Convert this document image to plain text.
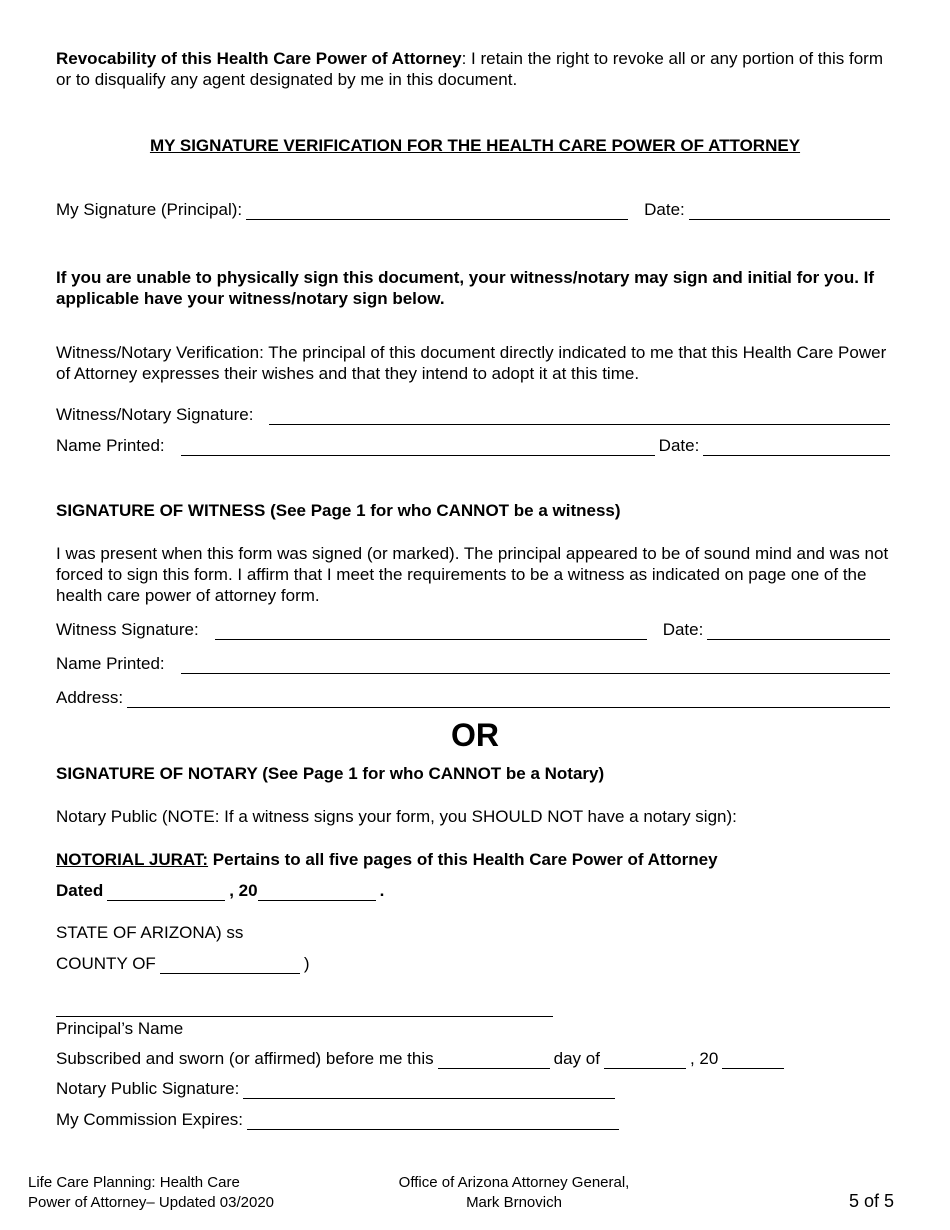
Revocability of this Health Care Power of Attorney: I retain the right to revoke all or any portion of this form or to disqualify any agent designated by me in this document.
MY SIGNATURE VERIFICATION FOR THE HEALTH CARE POWER OF ATTORNEY
My Signature (Principal):	Date:
If you are unable to physically sign this document, your witness/notary may sign and initial for you. If applicable have your witness/notary sign below.
Witness/Notary Verification: The principal of this document directly indicated to me that this Health Care Power of Attorney expresses their wishes and that they intend to adopt it at this time.
Witness/Notary Signature:
Name Printed:	Date:
SIGNATURE OF WITNESS (See Page 1 for who CANNOT be a witness)
I was present when this form was signed (or marked). The principal appeared to be of sound mind and was not forced to sign this form. I affirm that I meet the requirements to be a witness as indicated on page one of the health care power of attorney form.
Witness Signature:	Date:
Name Printed:
Address:
OR
SIGNATURE OF NOTARY (See Page 1 for who CANNOT be a Notary)
Notary Public (NOTE: If a witness signs your form, you SHOULD NOT have a notary sign):
NOTORIAL JURAT: Pertains to all five pages of this Health Care Power of Attorney
Dated	, 20	.
STATE OF ARIZONA) ss
COUNTY OF	)
Principal’s Name
Subscribed and sworn (or affirmed) before me this	day of	, 20
Notary Public Signature:
My Commission Expires:
Life Care Planning: Health Care
Power of Attorney– Updated 03/2020
Office of Arizona Attorney General,
Mark Brnovich	5 of 5
